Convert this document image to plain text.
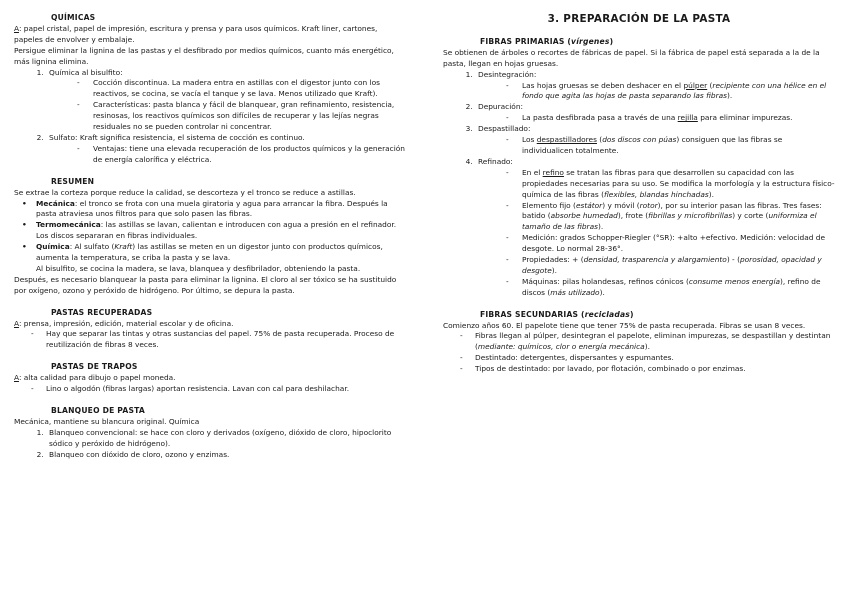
QUÍMICAS

A: papel cristal, papel de impresión, escritura y prensa y para usos químicos. Kraft liner, cartones, papeles de envolver y embalaje.

Persigue eliminar la lignina de las pastas y el desfibrado por medios químicos, cuanto más energético, más lignina elimina.

1. Química al bisulfito:
- Cocción discontinua. La madera entra en astillas con el digestor junto con los reactivos, se cocina, se vacía el tanque y se lava. Menos utilizado que Kraft).
- Características: pasta blanca y fácil de blanquear, gran refinamiento, resistencia, resinosas, los reactivos químicos son difíciles de recuperar y las lejías negras residuales no se pueden controlar ni concentrar.
2. Sulfato: Kraft significa resistencia, el sistema de cocción es continuo.
- Ventajas: tiene una elevada recuperación de los productos químicos y la generación de energía calorífica y eléctrica.

RESUMEN

Se extrae la corteza porque reduce la calidad, se descorteza y el tronco se reduce a astillas.

• Mecánica: el tronco se frota con una muela giratoria y agua para arrancar la fibra. Después la pasta atraviesa unos filtros para que solo pasen las fibras.
• Termomecánica: las astillas se lavan, calientan e introducen con agua a presión en el refinador. Los discos separaran en fibras individuales.
• Química: Al sulfato (Kraft) las astillas se meten en un digestor junto con productos químicos, aumenta la temperatura, se criba la pasta y se lava.

Al bisulfito, se cocina la madera, se lava, blanquea y desfibrilador, obteniendo la pasta.

Después, es necesario blanquear la pasta para eliminar la lignina. El cloro al ser tóxico se ha sustituido por oxígeno, ozono y peróxido de hidrógeno. Por último, se depura la pasta.

PASTAS RECUPERADAS

A: prensa, impresión, edición, material escolar y de oficina.

- Hay que separar las tintas y otras sustancias del papel. 75% de pasta recuperada. Proceso de reutilización de fibras 8 veces.

PASTAS DE TRAPOS

A: alta calidad para dibujo o papel moneda.

- Lino o algodón (fibras largas) aportan resistencia. Lavan con cal para deshilachar.

BLANQUEO DE PASTA

Mecánica, mantiene su blancura original. Química

1. Blanqueo convencional: se hace con cloro y derivados (oxígeno, dióxido de cloro, hipoclorito sódico y peróxido de hidrógeno).
2. Blanqueo con dióxido de cloro, ozono y enzimas.

3. PREPARACIÓN DE LA PASTA

FIBRAS PRIMARIAS (vírgenes)

Se obtienen de árboles o recortes de fábricas de papel. Si la fábrica de papel está separada a la de la pasta, llegan en hojas gruesas.

1. Desintegración:
- Las hojas gruesas se deben deshacer en el púlper (recipiente con una hélice en el fondo que agita las hojas de pasta separando las fibras).
2. Depuración:
- La pasta desfibrada pasa a través de una rejilla para eliminar impurezas.
3. Despastillado:
- Los despastilladores (dos discos con púas) consiguen que las fibras se individualicen totalmente.
4. Refinado:
- En el refino se tratan las fibras para que desarrollen su capacidad con las propiedades necesarias para su uso. Se modifica la morfología y la estructura físico-química de las fibras (flexibles, blandas hinchadas).
- Elemento fijo (estátor) y móvil (rotor), por su interior pasan las fibras. Tres fases: batido (absorbe humedad), frote (fibrillas y microfibrillas) y corte (uniformiza el tamaño de las fibras).
- Medición: grados Schopper-Riegler (°SR): +alto +efectivo. Medición: velocidad de desgote. Lo normal 28-36°.
- Propiedades: + (densidad, trasparencia y alargamiento) - (porosidad, opacidad y desgote).
- Máquinas: pilas holandesas, refinos cónicos (consume menos energía), refino de discos (más utilizado).

FIBRAS SECUNDARIAS (recicladas)

Comienzo años 60. El papelote tiene que tener 75% de pasta recuperada. Fibras se usan 8 veces.

- Fibras llegan al púlper, desintegran el papelote, eliminan impurezas, se despastillan y destintan (mediante: químicos, clor o energía mecánica).
- Destintado: detergentes, dispersantes y espumantes.
- Tipos de destintado: por lavado, por flotación, combinado o por enzimas.
